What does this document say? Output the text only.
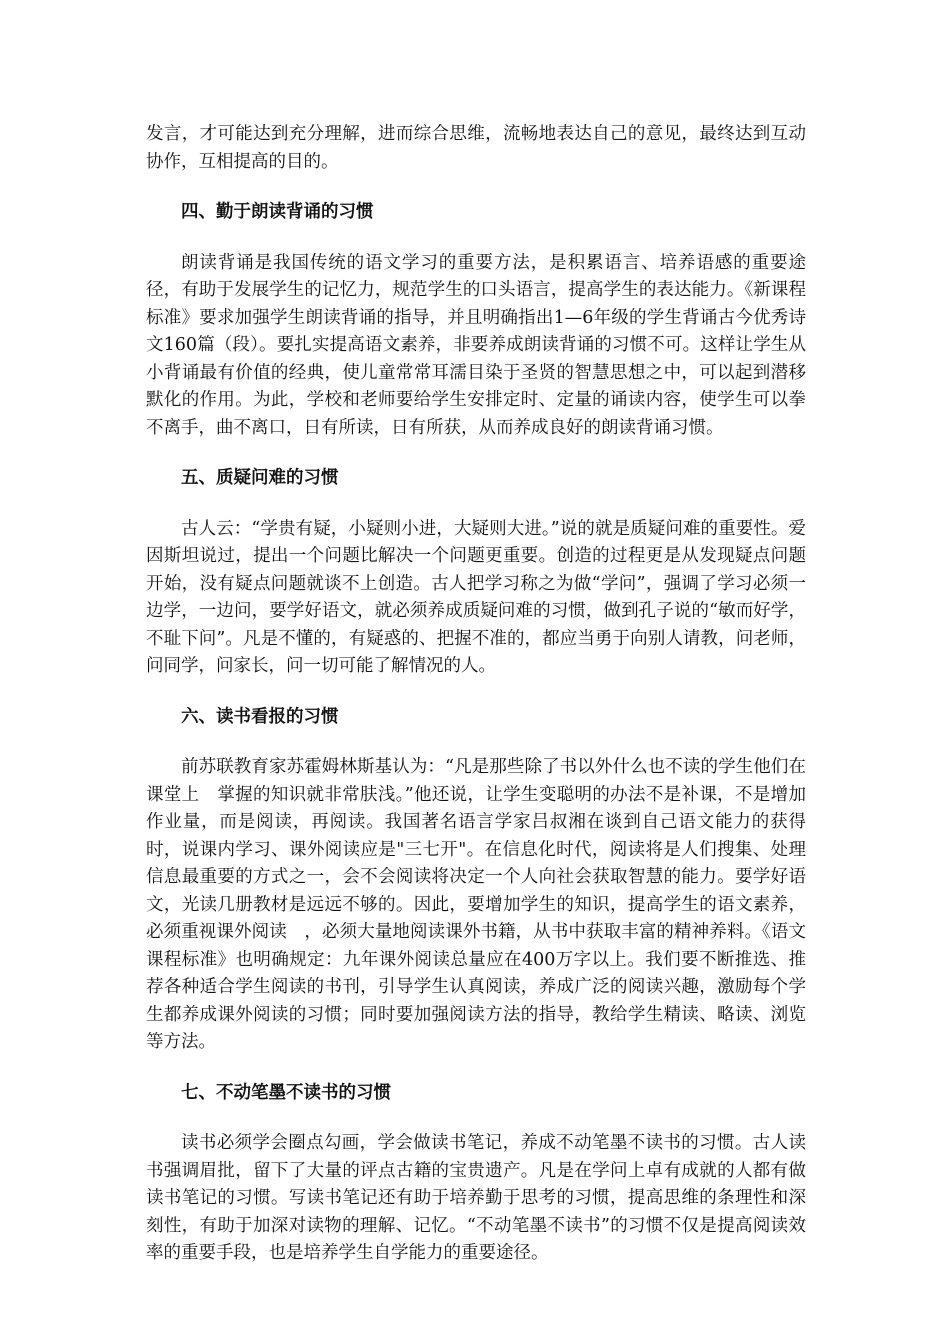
发言，才可能达到充分理解，进而综合思维，流畅地表达自己的意见，最终达到互动协作，互相提高的目的。

四、勤于朗读背诵的习惯

朗读背诵是我国传统的语文学习的重要方法，是积累语言、培养语感的重要途径，有助于发展学生的记忆力，规范学生的口头语言，提高学生的表达能力。《新课程标准》要求加强学生朗读背诵的指导，并且明确指出1—6年级的学生背诵古今优秀诗文160篇（段）。要扎实提高语文素养，非要养成朗读背诵的习惯不可。这样让学生从小背诵最有价值的经典，使儿童常常耳濡目染于圣贤的智慧思想之中，可以起到潜移默化的作用。为此，学校和老师要给学生安排定时、定量的诵读内容，使学生可以拳不离手，曲不离口，日有所读，日有所获，从而养成良好的朗读背诵习惯。

五、质疑问难的习惯

古人云：“学贵有疑，小疑则小进，大疑则大进。”说的就是质疑问难的重要性。爱因斯坦说过，提出一个问题比解决一个问题更重要。创造的过程更是从发现疑点问题开始，没有疑点问题就谈不上创造。古人把学习称之为做“学问”，强调了学习必须一边学，一边问，要学好语文，就必须养成质疑问难的习惯，做到孔子说的“敏而好学，不耻下问”。凡是不懂的，有疑惑的、把握不准的，都应当勇于向别人请教，问老师，问同学，问家长，问一切可能了解情况的人。

六、读书看报的习惯

前苏联教育家苏霍姆林斯基认为：“凡是那些除了书以外什么也不读的学生他们在课堂上　掌握的知识就非常肤浅。”他还说，让学生变聪明的办法不是补课，不是增加作业量，而是阅读，再阅读。我国著名语言学家吕叔湘在谈到自己语文能力的获得时，说课内学习、课外阅读应是"三七开"。在信息化时代，阅读将是人们搜集、处理信息最重要的方式之一，会不会阅读将决定一个人向社会获取智慧的能力。要学好语文，光读几册教材是远远不够的。因此，要增加学生的知识，提高学生的语文素养，必须重视课外阅读　，必须大量地阅读课外书籍，从书中获取丰富的精神养料。《语文课程标准》也明确规定：九年课外阅读总量应在400万字以上。我们要不断推选、推荐各种适合学生阅读的书刊，引导学生认真阅读，养成广泛的阅读兴趣，激励每个学生都养成课外阅读的习惯；同时要加强阅读方法的指导，教给学生精读、略读、浏览等方法。

七、不动笔墨不读书的习惯

读书必须学会圈点勾画，学会做读书笔记，养成不动笔墨不读书的习惯。古人读书强调眉批，留下了大量的评点古籍的宝贵遗产。凡是在学问上卓有成就的人都有做读书笔记的习惯。写读书笔记还有助于培养勤于思考的习惯，提高思维的条理性和深刻性，有助于加深对读物的理解、记忆。“不动笔墨不读书”的习惯不仅是提高阅读效率的重要手段，也是培养学生自学能力的重要途径。
